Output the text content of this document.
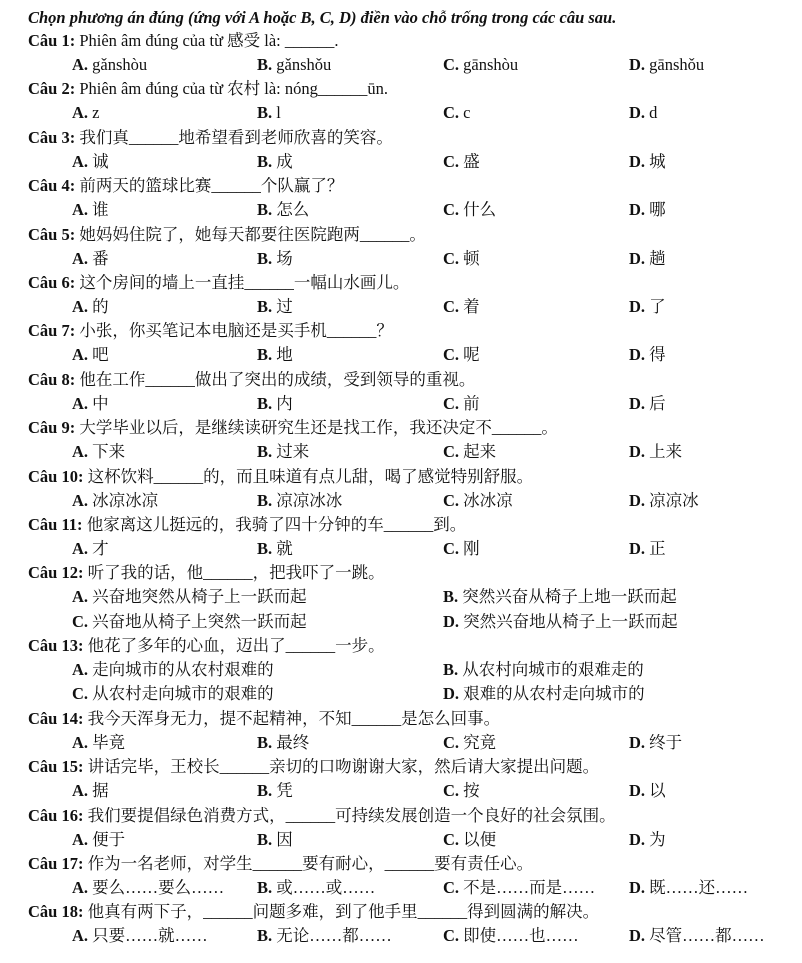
Chọn phương án đúng (ứng với A hoặc B, C, D) điền vào chỗ trống trong các câu sau.
Câu 1: Phiên âm đúng của từ 感受 là: ______.
A. gǎnshòu	B. gǎnshǒu	C. gānshòu	D. gānshǒu
Câu 2: Phiên âm đúng của từ 农村 là: nóng______ūn.
A. z	B. l	C. c	D. d
Câu 3: 我们真______地希望看到老师欣喜的笑容。
A. 诚	B. 成	C. 盛	D. 城
Câu 4: 前两天的篮球比赛______个队赢了？
A. 谁	B. 怎么	C. 什么	D. 哪
Câu 5: 她妈妈住院了，她每天都要往医院跑两______。
A. 番	B. 场	C. 顿	D. 趟
Câu 6: 这个房间的墙上一直挂______一幅山水画儿。
A. 的	B. 过	C. 着	D. 了
Câu 7: 小张，你买笔记本电脑还是买手机______？
A. 吧	B. 地	C. 呢	D. 得
Câu 8: 他在工作______做出了突出的成绩，受到领导的重视。
A. 中	B. 内	C. 前	D. 后
Câu 9: 大学毕业以后，是继续读研究生还是找工作，我还决定不______。
A. 下来	B. 过来	C. 起来	D. 上来
Câu 10: 这杯饮料______的，而且味道有点儿甜，喝了感觉特别舒服。
A. 冰凉冰凉	B. 凉凉冰冰	C. 冰冰凉	D. 凉凉冰
Câu 11: 他家离这儿挺远的，我骑了四十分钟的车______到。
A. 才	B. 就	C. 刚	D. 正
Câu 12: 听了我的话，他______，把我吓了一跳。
A. 兴奋地突然从椅子上一跃而起	B. 突然兴奋从椅子上地一跃而起
C. 兴奋地从椅子上突然一跃而起	D. 突然兴奋地从椅子上一跃而起
Câu 13: 他花了多年的心血，迈出了______一步。
A. 走向城市的从农村艰难的	B. 从农村向城市的艰难走的
C. 从农村走向城市的艰难的	D. 艰难的从农村走向城市的
Câu 14: 我今天浑身无力，提不起精神，不知______是怎么回事。
A. 毕竟	B. 最终	C. 究竟	D. 终于
Câu 15: 讲话完毕，王校长______亲切的口吻谢谢大家，然后请大家提出问题。
A. 据	B. 凭	C. 按	D. 以
Câu 16: 我们要提倡绿色消费方式，______可持续发展创造一个良好的社会氛围。
A. 便于	B. 因	C. 以便	D. 为
Câu 17: 作为一名老师，对学生______要有耐心，______要有责任心。
A. 要么……要么…… B. 或……或……	C. 不是……而是…… D. 既……还……
Câu 18: 他真有两下子，______问题多难，到了他手里______得到圆满的解决。
A. 只要……就……	B. 无论……都……	C. 即使……也……	D. 尽管……都……
